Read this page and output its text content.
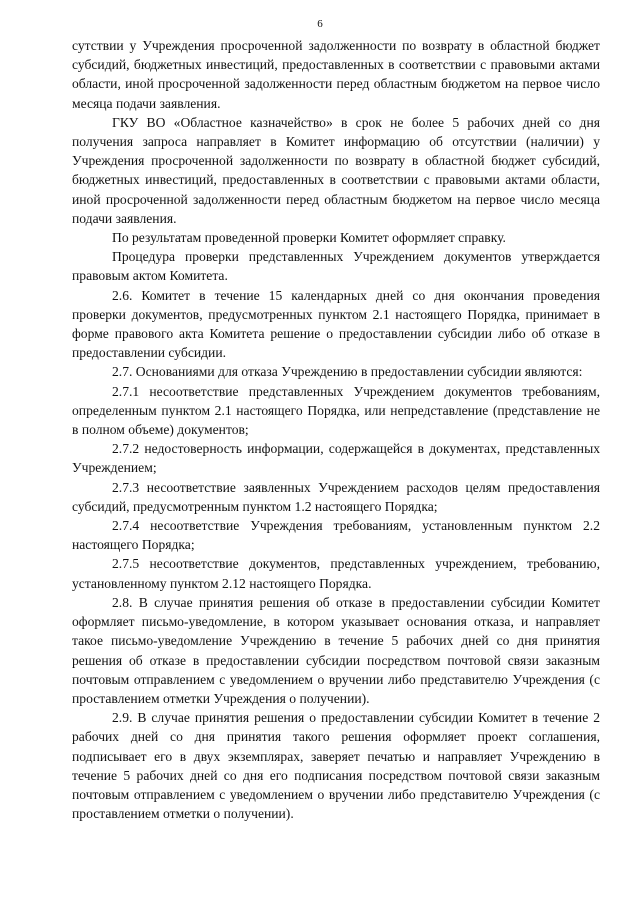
6

сутствии у Учреждения просроченной задолженности по возврату в областной бюджет субсидий, бюджетных инвестиций, предоставленных в соответствии с правовыми актами области, иной просроченной задолженности перед областным бюджетом на первое число месяца подачи заявления.

ГКУ ВО «Областное казначейство» в срок не более 5 рабочих дней со дня получения запроса направляет в Комитет информацию об отсутствии (наличии) у Учреждения просроченной задолженности по возврату в областной бюджет субсидий, бюджетных инвестиций, предоставленных в соответствии с правовыми актами области, иной просроченной задолженности перед областным бюджетом на первое число месяца подачи заявления.

По результатам проведенной проверки Комитет оформляет справку.

Процедура проверки представленных Учреждением документов утверждается правовым актом Комитета.

2.6. Комитет в течение 15 календарных дней со дня окончания проведения проверки документов, предусмотренных пунктом 2.1 настоящего Порядка, принимает в форме правового акта Комитета решение о предоставлении субсидии либо об отказе в предоставлении субсидии.

2.7. Основаниями для отказа Учреждению в предоставлении субсидии являются:

2.7.1 несоответствие представленных Учреждением документов требованиям, определенным пунктом 2.1 настоящего Порядка, или непредставление (представление не в полном объеме) документов;

2.7.2 недостоверность информации, содержащейся в документах, представленных Учреждением;

2.7.3 несоответствие заявленных Учреждением расходов целям предоставления субсидий, предусмотренным пунктом 1.2 настоящего Порядка;

2.7.4 несоответствие Учреждения требованиям, установленным пунктом 2.2 настоящего Порядка;

2.7.5 несоответствие документов, представленных учреждением, требованию, установленному пунктом 2.12 настоящего Порядка.

2.8. В случае принятия решения об отказе в предоставлении субсидии Комитет оформляет письмо-уведомление, в котором указывает основания отказа, и направляет такое письмо-уведомление Учреждению в течение 5 рабочих дней со дня принятия решения об отказе в предоставлении субсидии посредством почтовой связи заказным почтовым отправлением с уведомлением о вручении либо представителю Учреждения (с проставлением отметки Учреждения о получении).

2.9. В случае принятия решения о предоставлении субсидии Комитет в течение 2 рабочих дней со дня принятия такого решения оформляет проект соглашения, подписывает его в двух экземплярах, заверяет печатью и направляет Учреждению в течение 5 рабочих дней со дня его подписания посредством почтовой связи заказным почтовым отправлением с уведомлением о вручении либо представителю Учреждения (с проставлением отметки о получении).
